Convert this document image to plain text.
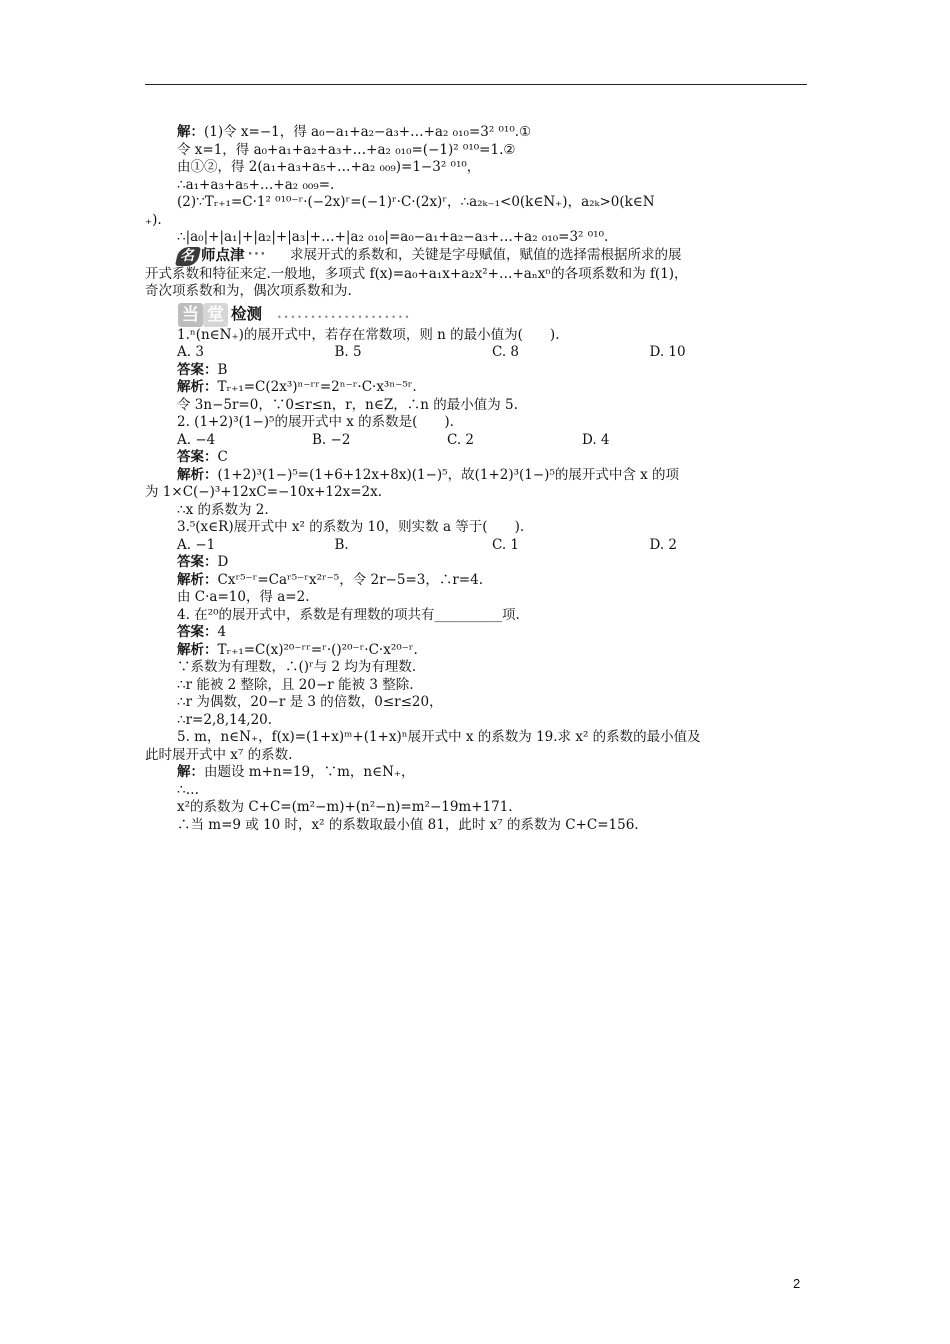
解：(1)令 x=−1，得 a₀−a₁+a₂−a₃+…+a₂ ₀₁₀=3² ⁰¹⁰.①
令 x=1，得 a₀+a₁+a₂+a₃+…+a₂ ₀₁₀=(−1)² ⁰¹⁰=1.②
由①②，得 2(a₁+a₃+a₅+…+a₂ ₀₀₉)=1−3² ⁰¹⁰，
∴a₁+a₃+a₅+…+a₂ ₀₀₉=.
(2)∵Tᵣ₊₁=C·1² ⁰¹⁰⁻ʳ·(−2x)ʳ=(−1)ʳ·C·(2x)ʳ，∴a₂ₖ₋₁<0(k∈N₊)，a₂ₖ>0(k∈N
₊).
∴|a₀|+|a₁|+|a₂|+|a₃|+…+|a₂ ₀₁₀|=a₀−a₁+a₂−a₃+…+a₂ ₀₁₀=3² ⁰¹⁰.
名 师点津 ••• 求展开式的系数和，关键是字母赋值，赋值的选择需根据所求的展
开式系数和特征来定.一般地，多项式 f(x)=a₀+a₁x+a₂x²+…+aₙxⁿ的各项系数和为 f(1)，
奇次项系数和为，偶次项系数和为.
当 堂 检测 ••••••••••••••••••••
1.ⁿ(n∈N₊)的展开式中，若存在常数项，则 n 的最小值为(　　).
A. 3	B. 5	C. 8	D. 10
答案：B
解析：Tᵣ₊₁=C(2x³)ⁿ⁻ʳʳ=2ⁿ⁻ʳ·C·x³ⁿ⁻⁵ʳ.
令 3n−5r=0，∵0≤r≤n，r，n∈Z，∴n 的最小值为 5.
2. (1+2)³(1−)⁵的展开式中 x 的系数是(　　).
A. −4	B. −2	C. 2	D. 4
答案：C
解析：(1+2)³(1−)⁵=(1+6+12x+8x)(1−)⁵，故(1+2)³(1−)⁵的展开式中含 x 的项
为 1×C(−)³+12xC=−10x+12x=2x.
∴x 的系数为 2.
3.⁵(x∈R)展开式中 x² 的系数为 10，则实数 a 等于(　　).
A. −1	B.	C. 1	D. 2
答案：D
解析：Cxʳ⁵⁻ʳ=Caʳ⁵⁻ʳx²ʳ⁻⁵，令 2r−5=3，∴r=4.
由 C·a=10，得 a=2.
4. 在²⁰的展开式中，系数是有理数的项共有__________项.
答案：4
解析：Tᵣ₊₁=C(x)²⁰⁻ʳʳ=ʳ·()²⁰⁻ʳ·C·x²⁰⁻ʳ.
∵系数为有理数，∴()ʳ与 2 均为有理数.
∴r 能被 2 整除，且 20−r 能被 3 整除.
∴r 为偶数，20−r 是 3 的倍数，0≤r≤20，
∴r=2,8,14,20.
5. m，n∈N₊，f(x)=(1+x)ᵐ+(1+x)ⁿ展开式中 x 的系数为 19.求 x² 的系数的最小值及
此时展开式中 x⁷ 的系数.
解：由题设 m+n=19，∵m，n∈N₊，
∴…
x²的系数为 C+C=(m²−m)+(n²−n)=m²−19m+171.
∴当 m=9 或 10 时，x² 的系数取最小值 81，此时 x⁷ 的系数为 C+C=156.
2
